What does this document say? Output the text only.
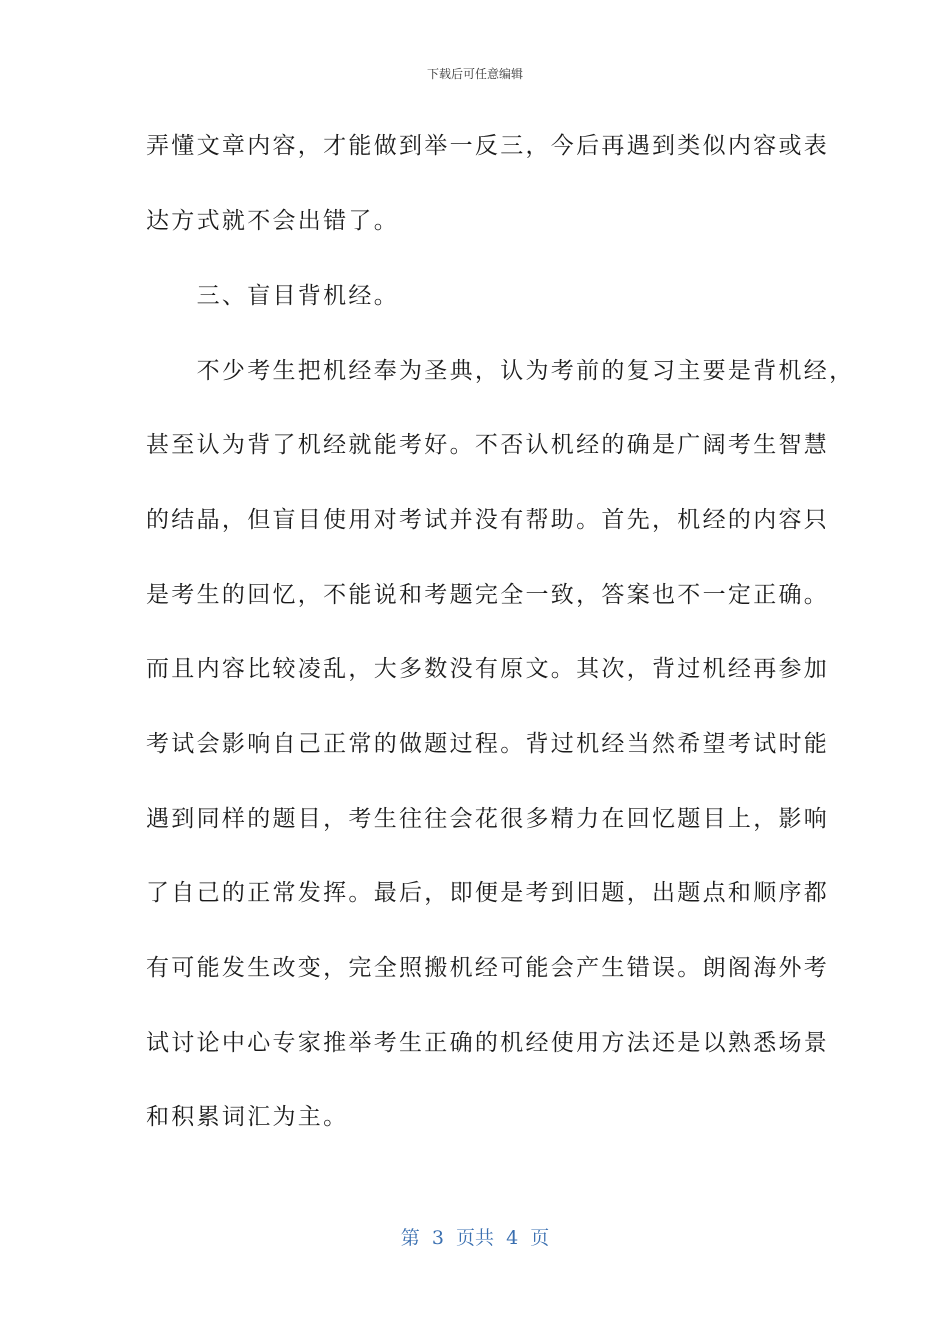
下载后可任意编辑
弄懂文章内容，才能做到举一反三，今后再遇到类似内容或表
达方式就不会出错了。
　　三、盲目背机经。
　　不少考生把机经奉为圣典，认为考前的复习主要是背机经，
甚至认为背了机经就能考好。不否认机经的确是广阔考生智慧
的结晶，但盲目使用对考试并没有帮助。首先，机经的内容只
是考生的回忆，不能说和考题完全一致，答案也不一定正确。
而且内容比较凌乱，大多数没有原文。其次，背过机经再参加
考试会影响自己正常的做题过程。背过机经当然希望考试时能
遇到同样的题目，考生往往会花很多精力在回忆题目上，影响
了自己的正常发挥。最后，即便是考到旧题，出题点和顺序都
有可能发生改变，完全照搬机经可能会产生错误。朗阁海外考
试讨论中心专家推举考生正确的机经使用方法还是以熟悉场景
和积累词汇为主。
第  3  页共  4  页
